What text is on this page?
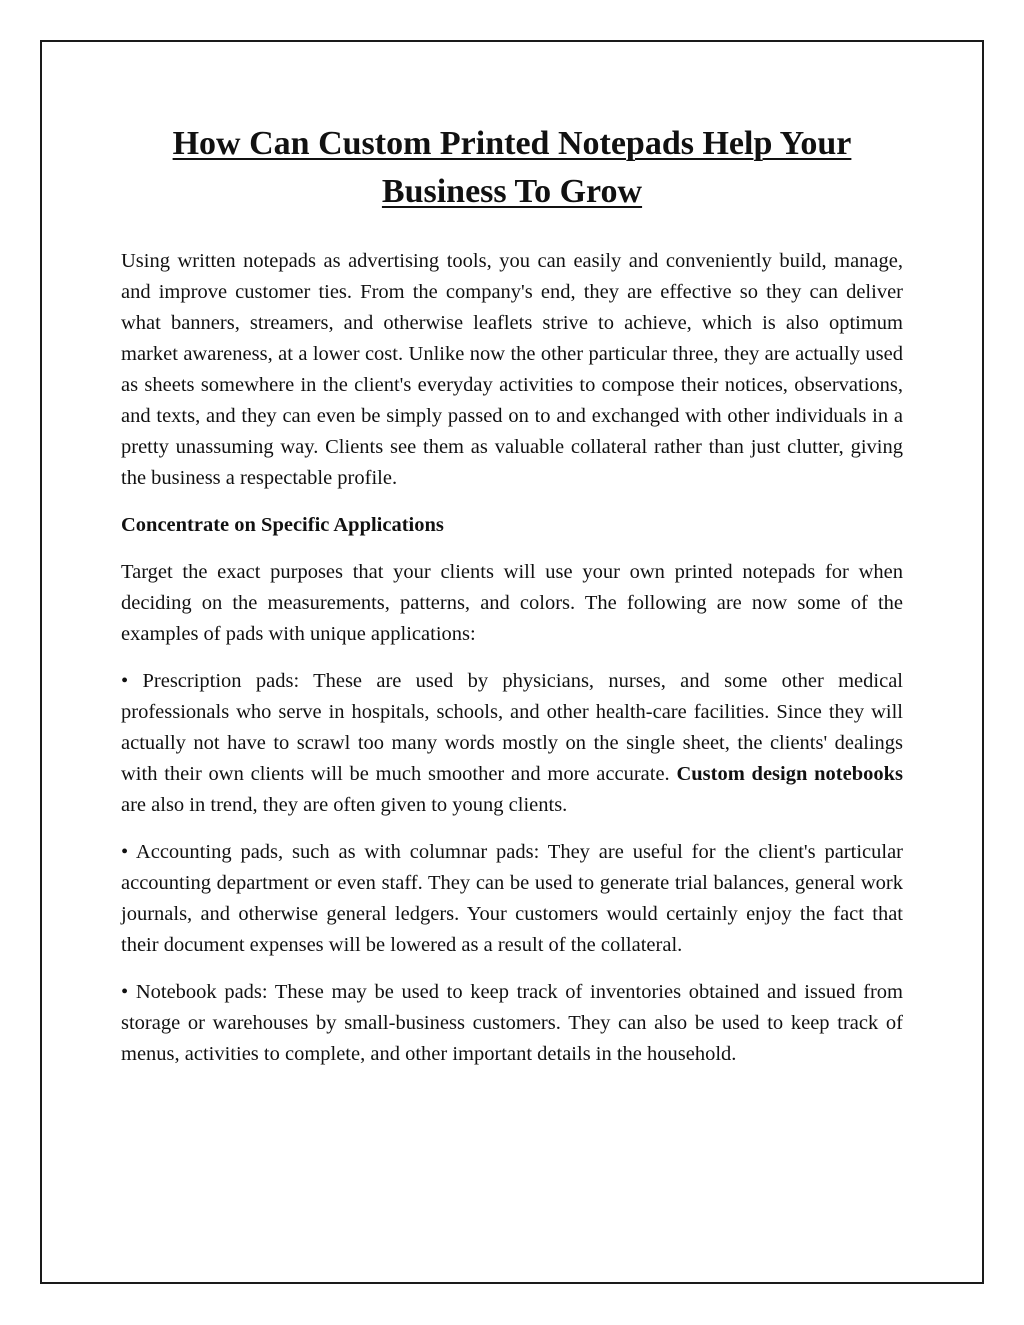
How Can Custom Printed Notepads Help Your
Business To Grow

Using written notepads as advertising tools, you can easily and conveniently build, manage, and improve customer ties. From the company's end, they are effective so they can deliver what banners, streamers, and otherwise leaflets strive to achieve, which is also optimum market awareness, at a lower cost. Unlike now the other particular three, they are actually used as sheets somewhere in the client's everyday activities to compose their notices, observations, and texts, and they can even be simply passed on to and exchanged with other individuals in a pretty unassuming way. Clients see them as valuable collateral rather than just clutter, giving the business a respectable profile.

Concentrate on Specific Applications

Target the exact purposes that your clients will use your own printed notepads for when deciding on the measurements, patterns, and colors. The following are now some of the examples of pads with unique applications:

• Prescription pads: These are used by physicians, nurses, and some other medical professionals who serve in hospitals, schools, and other health-care facilities. Since they will actually not have to scrawl too many words mostly on the single sheet, the clients' dealings with their own clients will be much smoother and more accurate. Custom design notebooks are also in trend, they are often given to young clients.

• Accounting pads, such as with columnar pads: They are useful for the client's particular accounting department or even staff. They can be used to generate trial balances, general work journals, and otherwise general ledgers. Your customers would certainly enjoy the fact that their document expenses will be lowered as a result of the collateral.

• Notebook pads: These may be used to keep track of inventories obtained and issued from storage or warehouses by small-business customers. They can also be used to keep track of menus, activities to complete, and other important details in the household.
